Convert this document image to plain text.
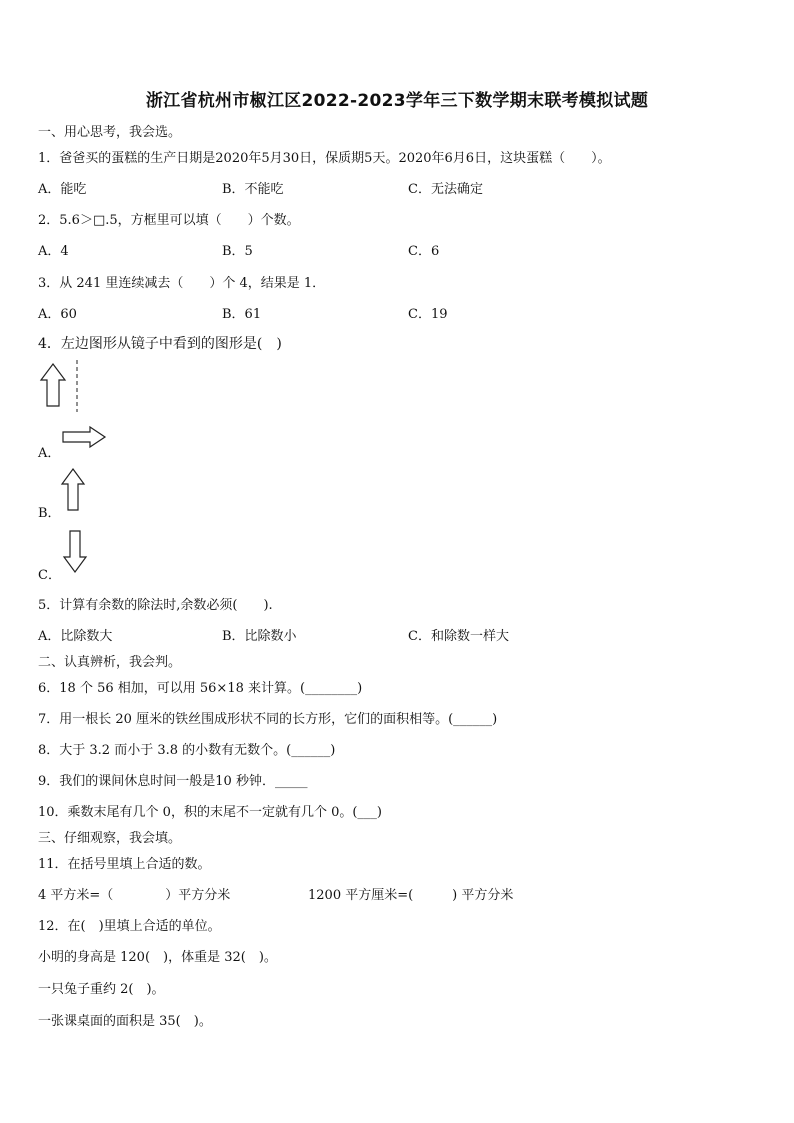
浙江省杭州市椒江区2022-2023学年三下数学期末联考模拟试题
一、用心思考，我会选。
1．爸爸买的蛋糕的生产日期是2020年5月30日，保质期5天。2020年6月6日，这块蛋糕（　　）。
A．能吃	B．不能吃	C．无法确定
2．5.6＞□.5，方框里可以填（　　）个数。
A．4	B．5	C．6
3．从 241 里连续减去（　　）个 4，结果是 1．
A．60	B．61	C．19
4．左边图形从镜子中看到的图形是(　)
A．
B．
C．
5．计算有余数的除法时,余数必须(　　).
A．比除数大	B．比除数小	C．和除数一样大
二、认真辨析，我会判。
6．18 个 56 相加，可以用 56×18 来计算。(________)
7．用一根长 20 厘米的铁丝围成形状不同的长方形，它们的面积相等。(______)
8．大于 3.2 而小于 3.8 的小数有无数个。(______)
9．我们的课间休息时间一般是10 秒钟．_____
10．乘数末尾有几个 0，积的末尾不一定就有几个 0。(___)
三、仔细观察，我会填。
11．在括号里填上合适的数。
4 平方米=（　　　　）平方分米	1200 平方厘米=(　　　) 平方分米
12．在(　)里填上合适的单位。
小明的身高是 120(　)，体重是 32(　)。
一只兔子重约 2(　)。
一张课桌面的面积是 35(　)。
